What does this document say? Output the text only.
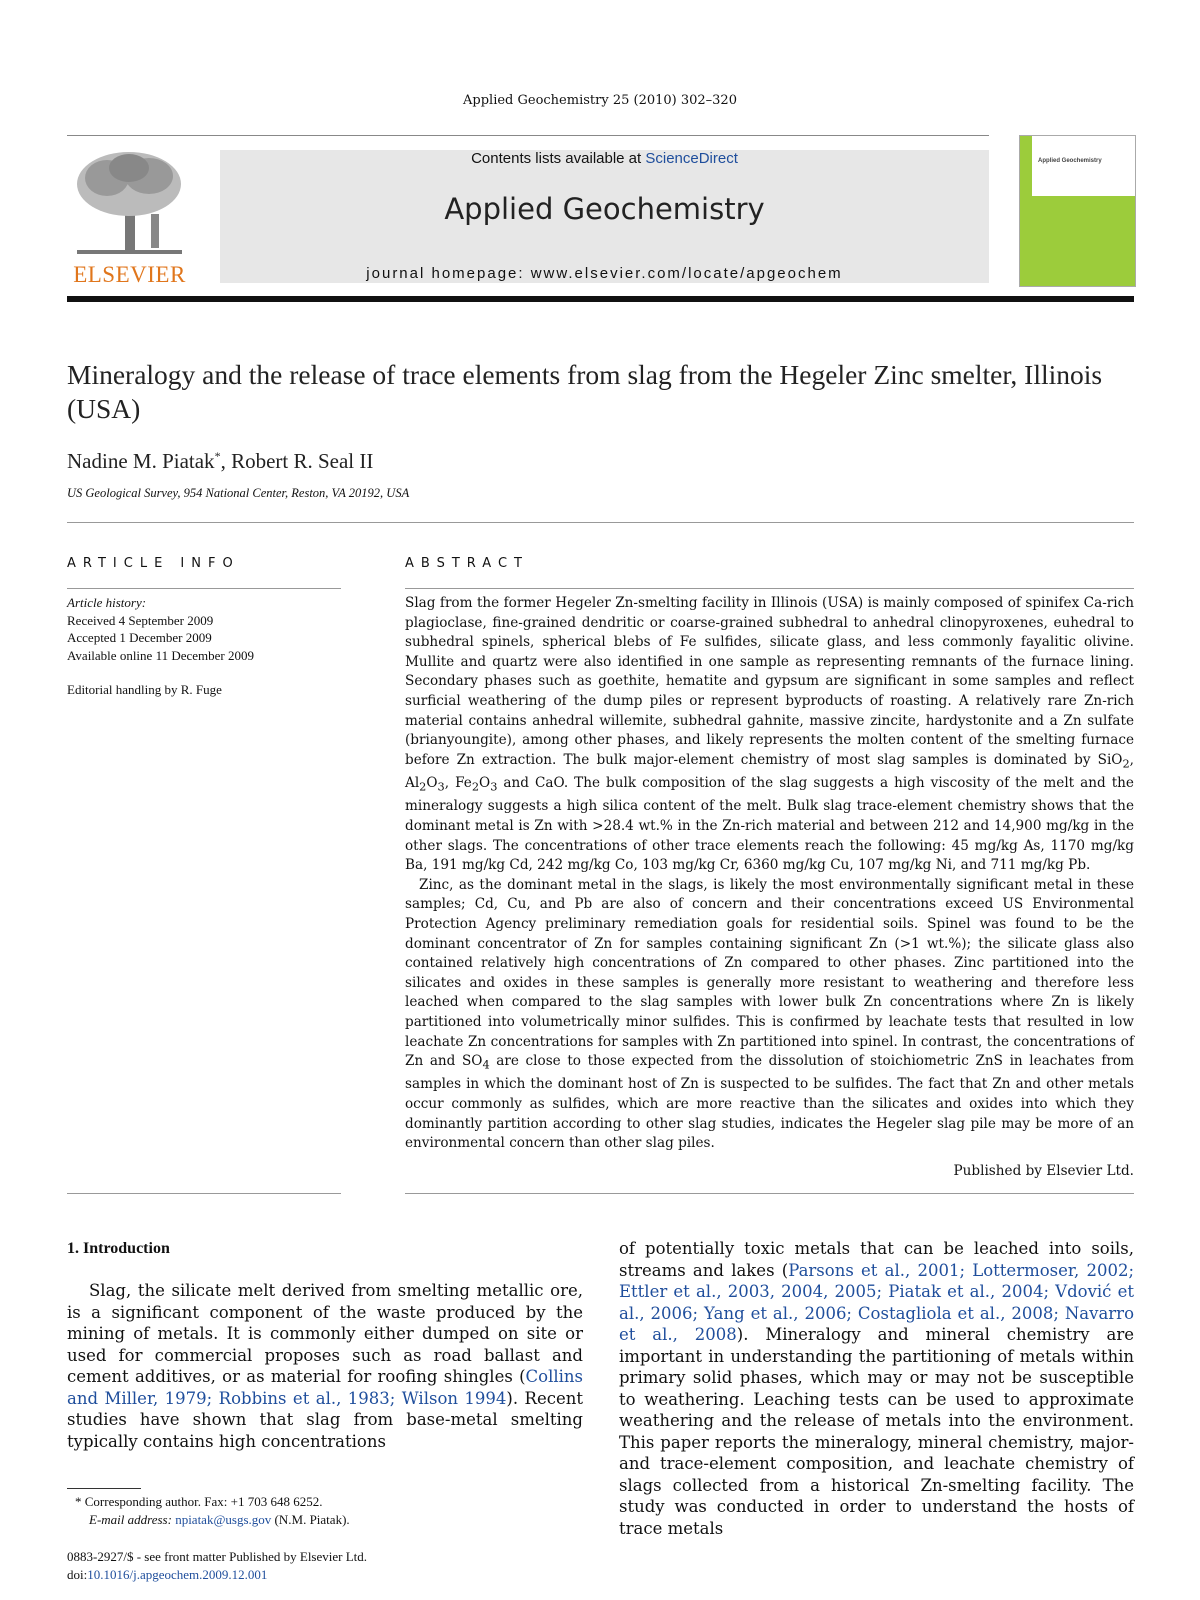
Applied Geochemistry 25 (2010) 302–320
ELSEVIER
Contents lists available at ScienceDirect
Applied Geochemistry
journal homepage: www.elsevier.com/locate/apgeochem
Applied Geochemistry
Mineralogy and the release of trace elements from slag from the Hegeler Zinc smelter, Illinois (USA)
Nadine M. Piatak*, Robert R. Seal II
US Geological Survey, 954 National Center, Reston, VA 20192, USA
ARTICLE INFO	ABSTRACT
Article history:
Received 4 September 2009
Accepted 1 December 2009
Available online 11 December 2009
Editorial handling by R. Fuge

Slag from the former Hegeler Zn-smelting facility in Illinois (USA) is mainly composed of spinifex Ca-rich plagioclase, fine-grained dendritic or coarse-grained subhedral to anhedral clinopyroxenes, euhedral to subhedral spinels, spherical blebs of Fe sulfides, silicate glass, and less commonly fayalitic olivine. Mullite and quartz were also identified in one sample as representing remnants of the furnace lining. Secondary phases such as goethite, hematite and gypsum are significant in some samples and reflect surficial weathering of the dump piles or represent byproducts of roasting. A relatively rare Zn-rich material contains anhedral willemite, subhedral gahnite, massive zincite, hardystonite and a Zn sulfate (brianyoungite), among other phases, and likely represents the molten content of the smelting furnace before Zn extraction. The bulk major-element chemistry of most slag samples is dominated by SiO$_2$, $Al_2O_3$, $Fe_2O_3$ and CaO. The bulk composition of the slag suggests a high viscosity of the melt and the mineralogy suggests a high silica content of the melt. Bulk slag trace-element chemistry shows that the dominant metal is Zn with >28.4 wt.% in the Zn-rich material and between 212 and 14,900 mg/kg in the other slags. The concentrations of other trace elements reach the following: 45 mg/kg As, 1170 mg/kg Ba, 191 mg/kg Cd, 242 mg/kg Co, 103 mg/kg Cr, 6360 mg/kg Cu, 107 mg/kg Ni, and 711 mg/kg Pb.

Zinc, as the dominant metal in the slags, is likely the most environmentally significant metal in these samples; Cd, Cu, and Pb are also of concern and their concentrations exceed US Environmental Protection Agency preliminary remediation goals for residential soils. Spinel was found to be the dominant concentrator of Zn for samples containing significant Zn (>1 wt.%); the silicate glass also contained relatively high concentrations of Zn compared to other phases. Zinc partitioned into the silicates and oxides in these samples is generally more resistant to weathering and therefore less leached when compared to the slag samples with lower bulk Zn concentrations where Zn is likely partitioned into volumetrically minor sulfides. This is confirmed by leachate tests that resulted in low leachate Zn concentrations for samples with Zn partitioned into spinel. In contrast, the concentrations of Zn and $SO_4$ are close to those expected from the dissolution of stoichiometric ZnS in leachates from samples in which the dominant host of Zn is suspected to be sulfides. The fact that Zn and other metals occur commonly as sulfides, which are more reactive than the silicates and oxides into which they dominantly partition according to other slag studies, indicates the Hegeler slag pile may be more of an environmental concern than other slag piles.

Published by Elsevier Ltd.
1. Introduction

Slag, the silicate melt derived from smelting metallic ore, is a significant component of the waste produced by the mining of metals. It is commonly either dumped on site or used for commercial proposes such as road ballast and cement additives, or as material for roofing shingles (Collins and Miller, 1979; Robbins et al., 1983; Wilson 1994). Recent studies have shown that slag from base-metal smelting typically contains high concentrations

of potentially toxic metals that can be leached into soils, streams and lakes (Parsons et al., 2001; Lottermoser, 2002; Ettler et al., 2003, 2004, 2005; Piatak et al., 2004; Vdović et al., 2006; Yang et al., 2006; Costagliola et al., 2008; Navarro et al., 2008). Mineralogy and mineral chemistry are important in understanding the partitioning of metals within primary solid phases, which may or may not be susceptible to weathering. Leaching tests can be used to approximate weathering and the release of metals into the environment. This paper reports the mineralogy, mineral chemistry, major- and trace-element composition, and leachate chemistry of slags collected from a historical Zn-smelting facility. The study was conducted in order to understand the hosts of trace metals

* Corresponding author. Fax: +1 703 648 6252.
E-mail address: npiatak@usgs.gov (N.M. Piatak).
0883-2927/$ - see front matter Published by Elsevier Ltd.
doi:10.1016/j.apgeochem.2009.12.001
